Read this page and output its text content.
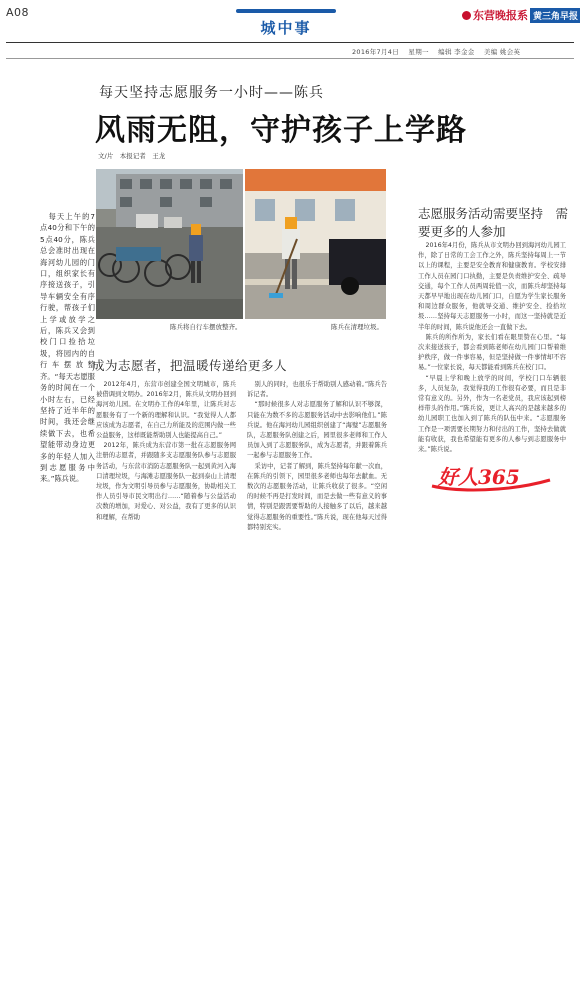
A08
城中事
东营晚报系 黄三角早报
2016年7月4日 星期一 编辑 李金金 美编 姚会英
每天坚持志愿服务一小时——陈兵
风雨无阻，守护孩子上学路
文/片　本报记者　王龙
陈兵将自行车摆放整齐。	陈兵在清理垃圾。

每天上午的7点40分和下午的5点40分，陈兵总会准时出现在海河幼儿园的门口，组织家长有序接送孩子，引导车辆安全有序行驶，帮孩子们上学或放学之后，陈兵又会到校门口捡拾垃圾，将园内的自行车摆放整齐。“每天志愿服务的时间在一个小时左右，已经坚持了近半年的时间，我还会继续做下去，也希望能带动身边更多的年轻人加入到志愿服务中来。”陈兵说。

成为志愿者，把温暖传递给更多人

2012年4月，东营市创建全国文明城市，陈兵被借调到文明办。2016年2月，陈兵从文明办回到海河幼儿园。在文明办工作的4年里，让陈兵对志愿服务有了一个新的理解和认识。“我觉得人人都应该成为志愿者，在自己力所能及的范围内做一些公益服务，这样既能帮助别人也能提高自己。”

2012年，陈兵成为东营市第一批在志愿服务网注册的志愿者，并跟随多支志愿服务队参与志愿服务活动，与东营市消防志愿服务队一起到黄河入海口清理垃圾，与海滩志愿服务队一起到泰山上清理垃圾，作为文明引导员参与志愿服务，协助相关工作人员引导市民文明出行……“随着参与公益活动次数的增加，对爱心、对公益，我有了更多的认识和理解，在帮助

别人的同时，也很乐于帮助别人感动着。”陈兵告诉记者。

“那时候很多人对志愿服务了解和认识不够深，只能在为数不多的志愿服务活动中去影响他们。”陈兵说。他在海河幼儿园组织创建了“海璧”志愿服务队，志愿服务队创建之后，园里很多老师和工作人员加入到了志愿服务队，成为志愿者，并跟着陈兵一起参与志愿服务工作。

采访中，记者了解到，陈兵坚持每年献一次血，在陈兵的引领下，园里很多老师也每年去献血。无数次的志愿服务活动，让陈兵收获了很多。“空闲的时候不再是打发时间，而是去做一些有意义的事情，特别是跟需要帮助的人接触多了以后，越来越觉得志愿服务的重要性。”陈兵说，现在他每天过得都特别充实。

志愿服务活动需要坚持　需要更多的人参加

2016年4月份，陈兵从市文明办回到海河幼儿园工作，除了日常的工会工作之外，陈兵坚持每周上一节以上的课程，主要是安全教育和健康教育。学校安排工作人员在园门口执勤，主要是负责维护安全、疏导交通，每个工作人员两周轮值一次，而陈兵却坚持每天都早早地出现在幼儿园门口，自愿为学生家长服务和周边群众服务，他就导交通、维护安全、捡拾垃圾……坚持每天志愿服务一小时，而这一坚持就是近半年的时间，陈兵说他还会一直做下去。

陈兵的所作所为，家长们看在眼里赞在心里。“每次来接送孩子，都会看到陈老师在幼儿园门口帮着维护秩序，做一件事容易，但是坚持做一件事情却不容易。”一位家长说，每天都能看到陈兵在校门口。

“早晨上学和晚上放学的时间，学校门口车辆很多，人员复杂，我觉得我的工作很有必要，而且是非常有意义的。另外，作为一名老党员，我应该起到榜样带头的作用。”陈兵说，更让人高兴的是越来越多的幼儿园职工也加入到了陈兵的队伍中来。“志愿服务工作是一项需要长期努力和付出的工作，坚持去做就能有收获，我也希望能有更多的人参与到志愿服务中来。”陈兵说。

好人365
